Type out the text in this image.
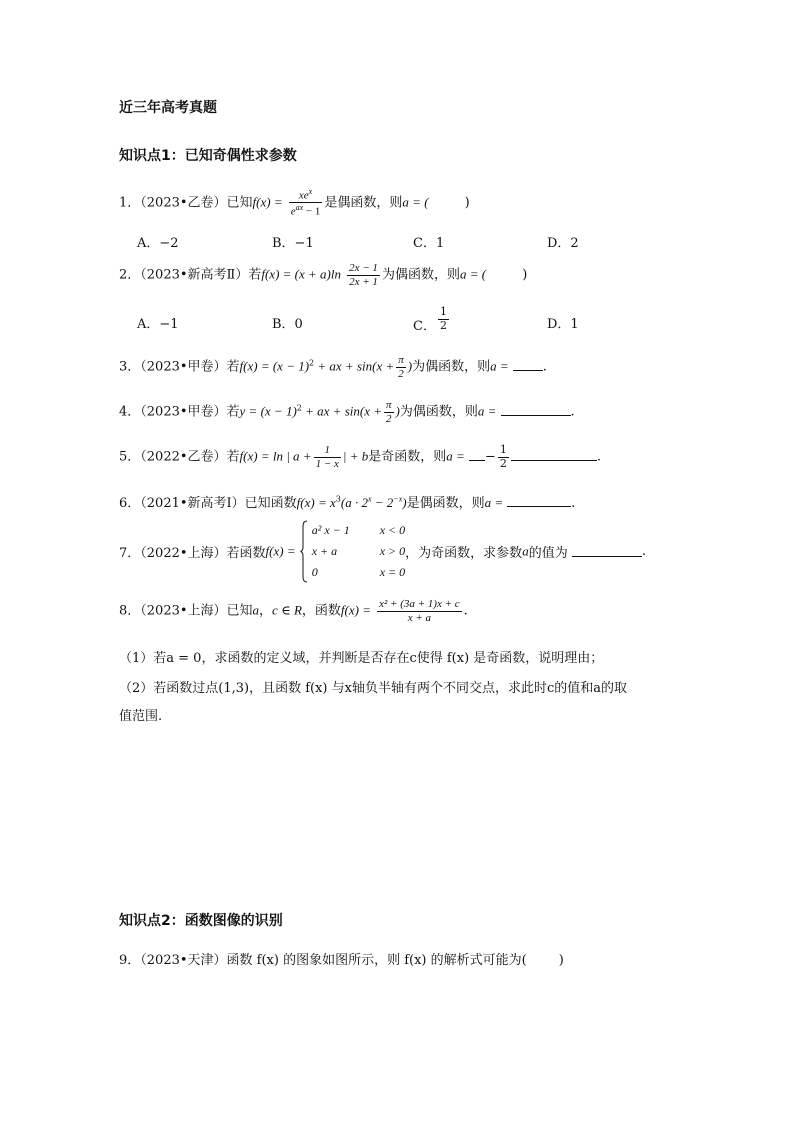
近三年高考真题
知识点1：已知奇偶性求参数
1．（2023•乙卷）已知$f(x) = \frac{xe^x}{e^{ax} - 1}$ 是偶函数，则a = (	)
A．−2	B．−1	C．1	D．2
2．（2023•新高考Ⅱ）若$f(x) = (x + a)\ln \frac{2x - 1}{2x + 1}$ 为偶函数，则a = (	)
A．−1	B．0	C． $\frac{1}{2}$	D．1
3．（2023•甲卷）若$f(x) = (x - 1)^2$ + ax + $\sin(x + \frac{\pi}{2}$ )为偶函数，则a =	.
4．（2023•甲卷）若$y = (x - 1)^2$ + ax + $\sin(x + \frac{\pi}{2}$ )为偶函数，则a =	.
5．（2022•乙卷）若f(x) = ln | $a + \frac{1}{1 - x}$ | + b是奇函数，则a = − $\frac{1}{2}$	.
6．（2021•新高考Ⅰ）已知函数$f(x) = x^3(a \cdot 2^x - 2^{-x})$是偶函数，则a =	.
7．（2022•上海）若函数f(x) =
a² x − 1	x < 0
x + a	x > 0
0	x = 0
，为奇函数，求参数a的值为	.
8．（2023•上海）已知a，c ∈ R，函数$f(x) = \frac{\text{x² + (3a + 1)x + c}}{x + a}$ .
（1）若a = 0，求函数的定义域，并判断是否存在c使得 f(x) 是奇函数，说明理由；
（2）若函数过点(1,3)，且函数 f(x) 与x轴负半轴有两个不同交点，求此时c的值和a的取
值范围.
知识点2：函数图像的识别
9．（2023•天津）函数 f(x) 的图象如图所示，则 f(x) 的解析式可能为( )
